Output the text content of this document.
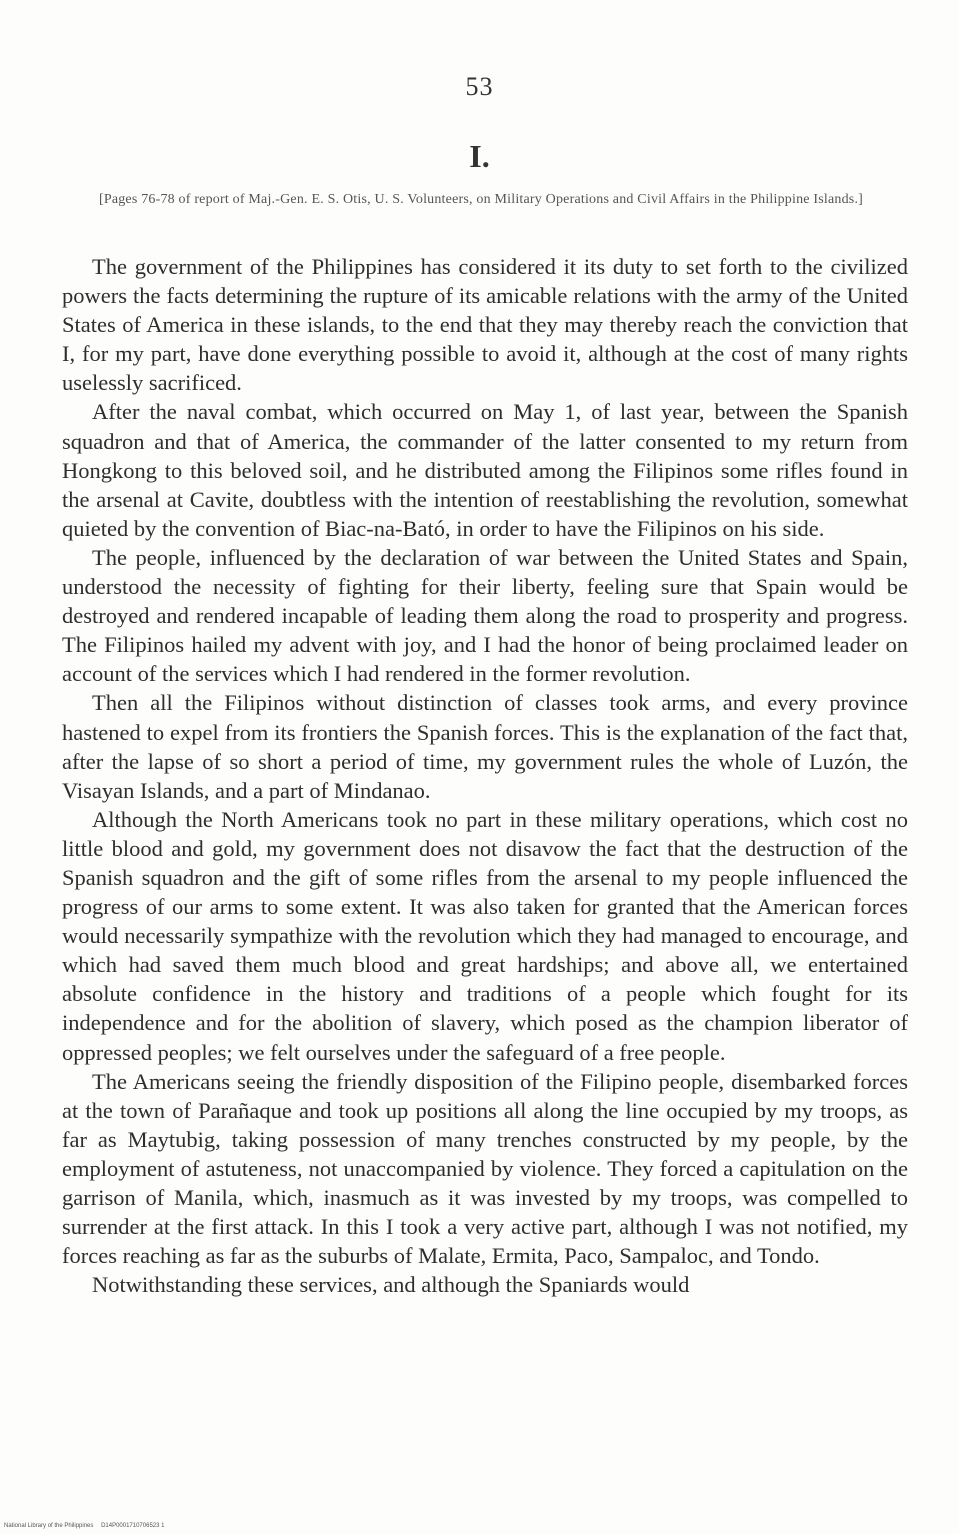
53
I.
[Pages 76-78 of report of Maj.-Gen. E. S. Otis, U. S. Volunteers, on Military Operations and Civil Affairs in the Philippine Islands.]

The government of the Philippines has considered it its duty to set forth to the civilized powers the facts determining the rupture of its amicable relations with the army of the United States of America in these islands, to the end that they may thereby reach the conviction that I, for my part, have done everything possible to avoid it, although at the cost of many rights uselessly sacrificed.

After the naval combat, which occurred on May 1, of last year, between the Spanish squadron and that of America, the commander of the latter consented to my return from Hongkong to this beloved soil, and he distributed among the Filipinos some rifles found in the arsenal at Cavite, doubtless with the intention of reestablishing the revolution, somewhat quieted by the convention of Biac-na-Bató, in order to have the Filipinos on his side.

The people, influenced by the declaration of war between the United States and Spain, understood the necessity of fighting for their liberty, feeling sure that Spain would be destroyed and rendered incapable of leading them along the road to prosperity and progress. The Filipinos hailed my advent with joy, and I had the honor of being proclaimed leader on account of the services which I had rendered in the former revolution.

Then all the Filipinos without distinction of classes took arms, and every province hastened to expel from its frontiers the Spanish forces. This is the explanation of the fact that, after the lapse of so short a period of time, my government rules the whole of Luzón, the Visayan Islands, and a part of Mindanao.

Although the North Americans took no part in these military operations, which cost no little blood and gold, my government does not disavow the fact that the destruction of the Spanish squadron and the gift of some rifles from the arsenal to my people influenced the progress of our arms to some extent. It was also taken for granted that the American forces would necessarily sympathize with the revolution which they had managed to encourage, and which had saved them much blood and great hardships; and above all, we entertained absolute confidence in the history and traditions of a people which fought for its independence and for the abolition of slavery, which posed as the champion liberator of oppressed peoples; we felt ourselves under the safeguard of a free people.

The Americans seeing the friendly disposition of the Filipino people, disembarked forces at the town of Parañaque and took up positions all along the line occupied by my troops, as far as Maytubig, taking possession of many trenches constructed by my people, by the employment of astuteness, not unaccompanied by violence. They forced a capitulation on the garrison of Manila, which, inasmuch as it was invested by my troops, was compelled to surrender at the first attack. In this I took a very active part, although I was not notified, my forces reaching as far as the suburbs of Malate, Ermita, Paco, Sampaloc, and Tondo.

Notwithstanding these services, and although the Spaniards would

National Library of the Philippines D14P0001710706523 1
